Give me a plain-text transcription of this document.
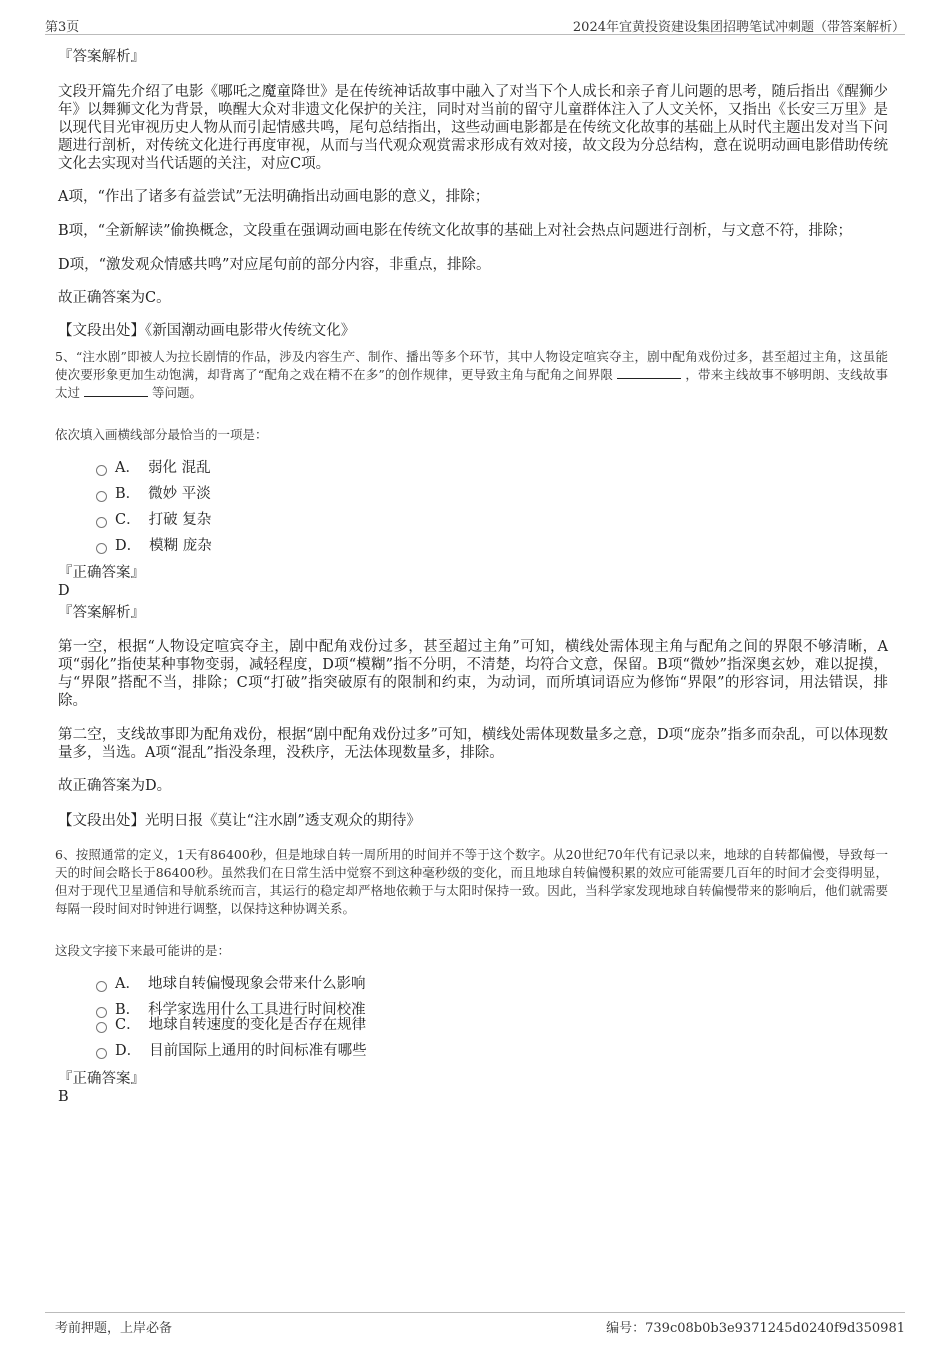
第3页	2024年宜黄投资建设集团招聘笔试冲刺题（带答案解析）

『答案解析』

文段开篇先介绍了电影《哪吒之魔童降世》是在传统神话故事中融入了对当下个人成长和亲子育儿问题的思考，随后指出《醒狮少年》以舞狮文化为背景，唤醒大众对非遗文化保护的关注，同时对当前的留守儿童群体注入了人文关怀，又指出《长安三万里》是以现代目光审视历史人物从而引起情感共鸣，尾句总结指出，这些动画电影都是在传统文化故事的基础上从时代主题出发对当下问题进行剖析，对传统文化进行再度审视，从而与当代观众观赏需求形成有效对接，故文段为分总结构，意在说明动画电影借助传统文化去实现对当代话题的关注，对应C项。

A项，“作出了诸多有益尝试”无法明确指出动画电影的意义，排除；

B项，“全新解读”偷换概念，文段重在强调动画电影在传统文化故事的基础上对社会热点问题进行剖析，与文意不符，排除；

D项，“激发观众情感共鸣”对应尾句前的部分内容，非重点，排除。

故正确答案为C。

【文段出处】《新国潮动画电影带火传统文化》

5、“注水剧”即被人为拉长剧情的作品，涉及内容生产、制作、播出等多个环节，其中人物设定喧宾夺主，剧中配角戏份过多，甚至超过主角，这虽能使次要形象更加生动饱满，却背离了“配角之戏在精不在多”的创作规律，更导致主角与配角之间界限	，带来主线故事不够明朗、支线故事太过	等问题。

依次填入画横线部分最恰当的一项是：

A． 弱化 混乱
B． 微妙 平淡
C． 打破 复杂
D． 模糊 庞杂

『正确答案』

D

『答案解析』

第一空，根据“人物设定喧宾夺主，剧中配角戏份过多，甚至超过主角”可知，横线处需体现主角与配角之间的界限不够清晰，A项“弱化”指使某种事物变弱，减轻程度，D项“模糊”指不分明，不清楚，均符合文意，保留。B项“微妙”指深奥玄妙，难以捉摸，与“界限”搭配不当，排除；C项“打破”指突破原有的限制和约束，为动词，而所填词语应为修饰“界限”的形容词，用法错误，排除。

第二空，支线故事即为配角戏份，根据“剧中配角戏份过多”可知，横线处需体现数量多之意，D项“庞杂”指多而杂乱，可以体现数量多，当选。A项“混乱”指没条理，没秩序，无法体现数量多，排除。

故正确答案为D。

【文段出处】光明日报《莫让“注水剧”透支观众的期待》

6、按照通常的定义，1天有86400秒，但是地球自转一周所用的时间并不等于这个数字。从20世纪70年代有记录以来，地球的自转都偏慢，导致每一天的时间会略长于86400秒。虽然我们在日常生活中觉察不到这种毫秒级的变化，而且地球自转偏慢积累的效应可能需要几百年的时间才会变得明显，但对于现代卫星通信和导航系统而言，其运行的稳定却严格地依赖于与太阳时保持一致。因此，当科学家发现地球自转偏慢带来的影响后，他们就需要每隔一段时间对时钟进行调整，以保持这种协调关系。

这段文字接下来最可能讲的是：

A． 地球自转偏慢现象会带来什么影响
B． 科学家选用什么工具进行时间校准
C． 地球自转速度的变化是否存在规律
D． 目前国际上通用的时间标准有哪些

『正确答案』

B

考前押题，上岸必备	编号：739c08b0b3e9371245d0240f9d350981
